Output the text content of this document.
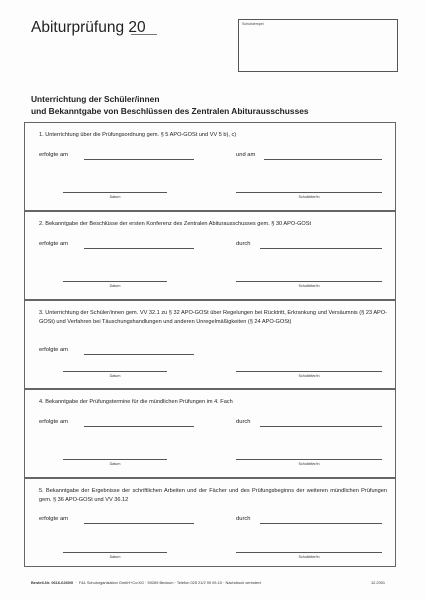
Abiturprüfung 20	Schulstempel
Unterrichtung der Schüler/innen
und Bekanntgabe von Beschlüssen des Zentralen Abiturausschusses
1. Unterrichtung über die Prüfungsordnung gem. § 5 APO-GOSt und VV 5 b), c)
erfolgte am	und am
Datum	Schulleiter/in
2. Bekanntgabe der Beschlüsse der ersten Konferenz des Zentralen Abiturausschusses gem. § 30 APO-GOSt
erfolgte am	durch
Datum	Schulleiter/in
3. Unterrichtung der Schüler/innen gem. VV 32.1 zu § 32 APO-GOSt über Regelungen bei Rücktritt, Erkrankung und Versäumnis (§ 23 APO-GOSt) und Verfahren bei Täuschungshandlungen und anderen Unregelmäßigkeiten (§ 24 APO-GOSt)
erfolgte am
Datum	Schulleiter/in
4. Bekanntgabe der Prüfungstermine für die mündlichen Prüfungen im 4. Fach
erfolgte am	durch
Datum	Schulleiter/in
5. Bekanntgabe der Ergebnisse der schriftlichen Arbeiten und der Fächer und des Prüfungsbeginns der weiteren mündlichen Prüfungen gem. § 36 APO-GOSt und VV 36.12
erfolgte am	durch
Datum	Schulleiter/in
Bestell-Nr. 0616-6260/0  ·  F&L Schulorganisation GmbH+Co.KG · 59269 Beckum · Telefon 025 21/2 99 09-10 · Nachdruck verboten!	12.2001
